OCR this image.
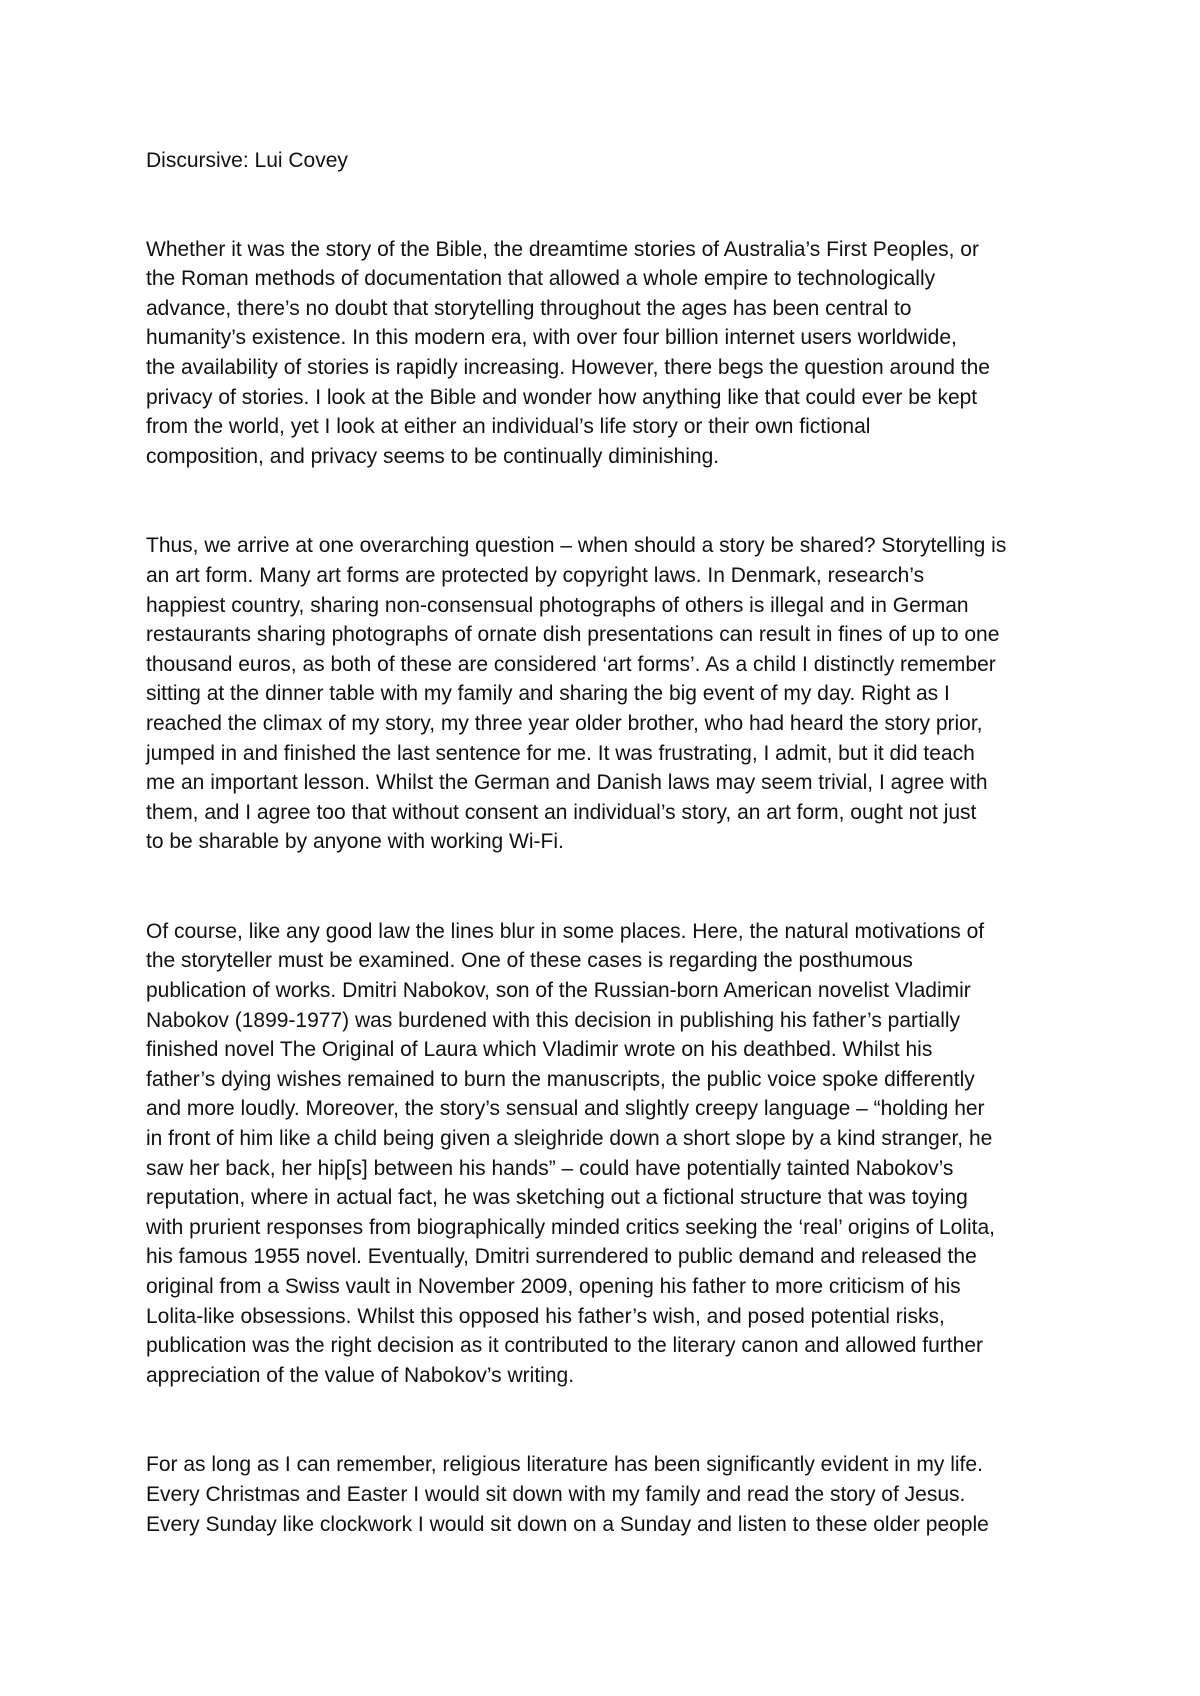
Discursive: Lui Covey
Whether it was the story of the Bible, the dreamtime stories of Australia’s First Peoples, or
the Roman methods of documentation that allowed a whole empire to technologically
advance, there’s no doubt that storytelling throughout the ages has been central to
humanity’s existence. In this modern era, with over four billion internet users worldwide,
the availability of stories is rapidly increasing. However, there begs the question around the
privacy of stories. I look at the Bible and wonder how anything like that could ever be kept
from the world, yet I look at either an individual’s life story or their own fictional
composition, and privacy seems to be continually diminishing.
Thus, we arrive at one overarching question – when should a story be shared? Storytelling is
an art form. Many art forms are protected by copyright laws. In Denmark, research’s
happiest country, sharing non-consensual photographs of others is illegal and in German
restaurants sharing photographs of ornate dish presentations can result in fines of up to one
thousand euros, as both of these are considered ‘art forms’. As a child I distinctly remember
sitting at the dinner table with my family and sharing the big event of my day. Right as I
reached the climax of my story, my three year older brother, who had heard the story prior,
jumped in and finished the last sentence for me. It was frustrating, I admit, but it did teach
me an important lesson. Whilst the German and Danish laws may seem trivial, I agree with
them, and I agree too that without consent an individual’s story, an art form, ought not just
to be sharable by anyone with working Wi-Fi.
Of course, like any good law the lines blur in some places. Here, the natural motivations of
the storyteller must be examined. One of these cases is regarding the posthumous
publication of works. Dmitri Nabokov, son of the Russian-born American novelist Vladimir
Nabokov (1899-1977) was burdened with this decision in publishing his father’s partially
finished novel The Original of Laura which Vladimir wrote on his deathbed. Whilst his
father’s dying wishes remained to burn the manuscripts, the public voice spoke differently
and more loudly. Moreover, the story’s sensual and slightly creepy language – “holding her
in front of him like a child being given a sleighride down a short slope by a kind stranger, he
saw her back, her hip[s] between his hands” – could have potentially tainted Nabokov’s
reputation, where in actual fact, he was sketching out a fictional structure that was toying
with prurient responses from biographically minded critics seeking the ‘real’ origins of Lolita,
his famous 1955 novel. Eventually, Dmitri surrendered to public demand and released the
original from a Swiss vault in November 2009, opening his father to more criticism of his
Lolita-like obsessions. Whilst this opposed his father’s wish, and posed potential risks,
publication was the right decision as it contributed to the literary canon and allowed further
appreciation of the value of Nabokov’s writing.
For as long as I can remember, religious literature has been significantly evident in my life.
Every Christmas and Easter I would sit down with my family and read the story of Jesus.
Every Sunday like clockwork I would sit down on a Sunday and listen to these older people
